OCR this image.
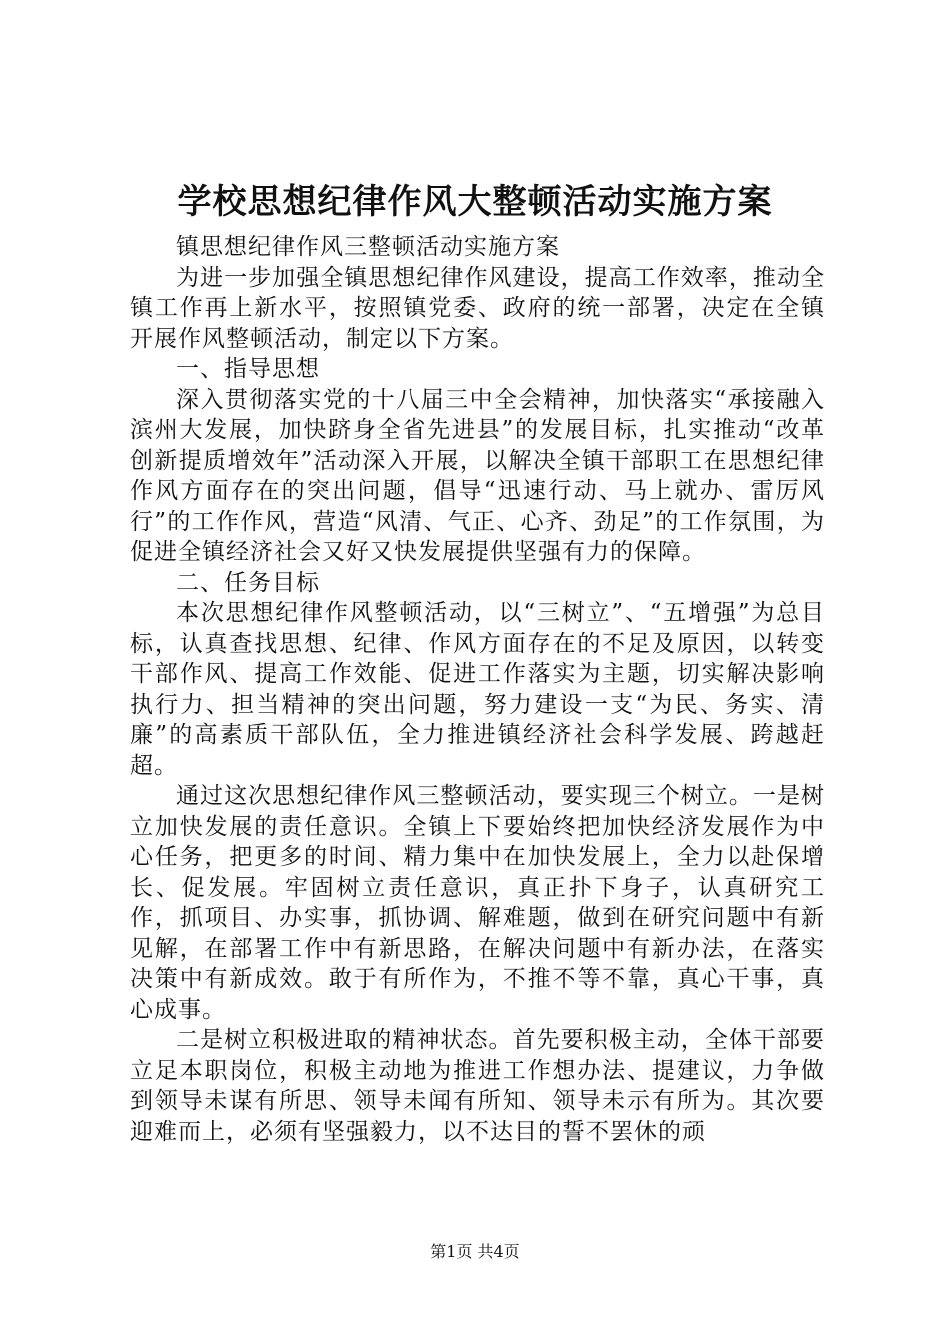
学校思想纪律作风大整顿活动实施方案

镇思想纪律作风三整顿活动实施方案

为进一步加强全镇思想纪律作风建设，提高工作效率，推动全镇工作再上新水平，按照镇党委、政府的统一部署，决定在全镇开展作风整顿活动，制定以下方案。

一、指导思想

深入贯彻落实党的十八届三中全会精神，加快落实“承接融入滨州大发展，加快跻身全省先进县”的发展目标，扎实推动“改革创新提质增效年”活动深入开展，以解决全镇干部职工在思想纪律作风方面存在的突出问题，倡导“迅速行动、马上就办、雷厉风行”的工作作风，营造“风清、气正、心齐、劲足”的工作氛围，为促进全镇经济社会又好又快发展提供坚强有力的保障。

二、任务目标

本次思想纪律作风整顿活动，以“三树立”、“五增强”为总目标，认真查找思想、纪律、作风方面存在的不足及原因，以转变干部作风、提高工作效能、促进工作落实为主题，切实解决影响执行力、担当精神的突出问题，努力建设一支“为民、务实、清廉”的高素质干部队伍，全力推进镇经济社会科学发展、跨越赶超。

通过这次思想纪律作风三整顿活动，要实现三个树立。一是树立加快发展的责任意识。全镇上下要始终把加快经济发展作为中心任务，把更多的时间、精力集中在加快发展上，全力以赴保增长、促发展。牢固树立责任意识，真正扑下身子，认真研究工作，抓项目、办实事，抓协调、解难题，做到在研究问题中有新见解，在部署工作中有新思路，在解决问题中有新办法，在落实决策中有新成效。敢于有所作为，不推不等不靠，真心干事，真心成事。

二是树立积极进取的精神状态。首先要积极主动，全体干部要立足本职岗位，积极主动地为推进工作想办法、提建议，力争做到领导未谋有所思、领导未闻有所知、领导未示有所为。其次要迎难而上，必须有坚强毅力，以不达目的誓不罢休的顽

第1页 共4页
